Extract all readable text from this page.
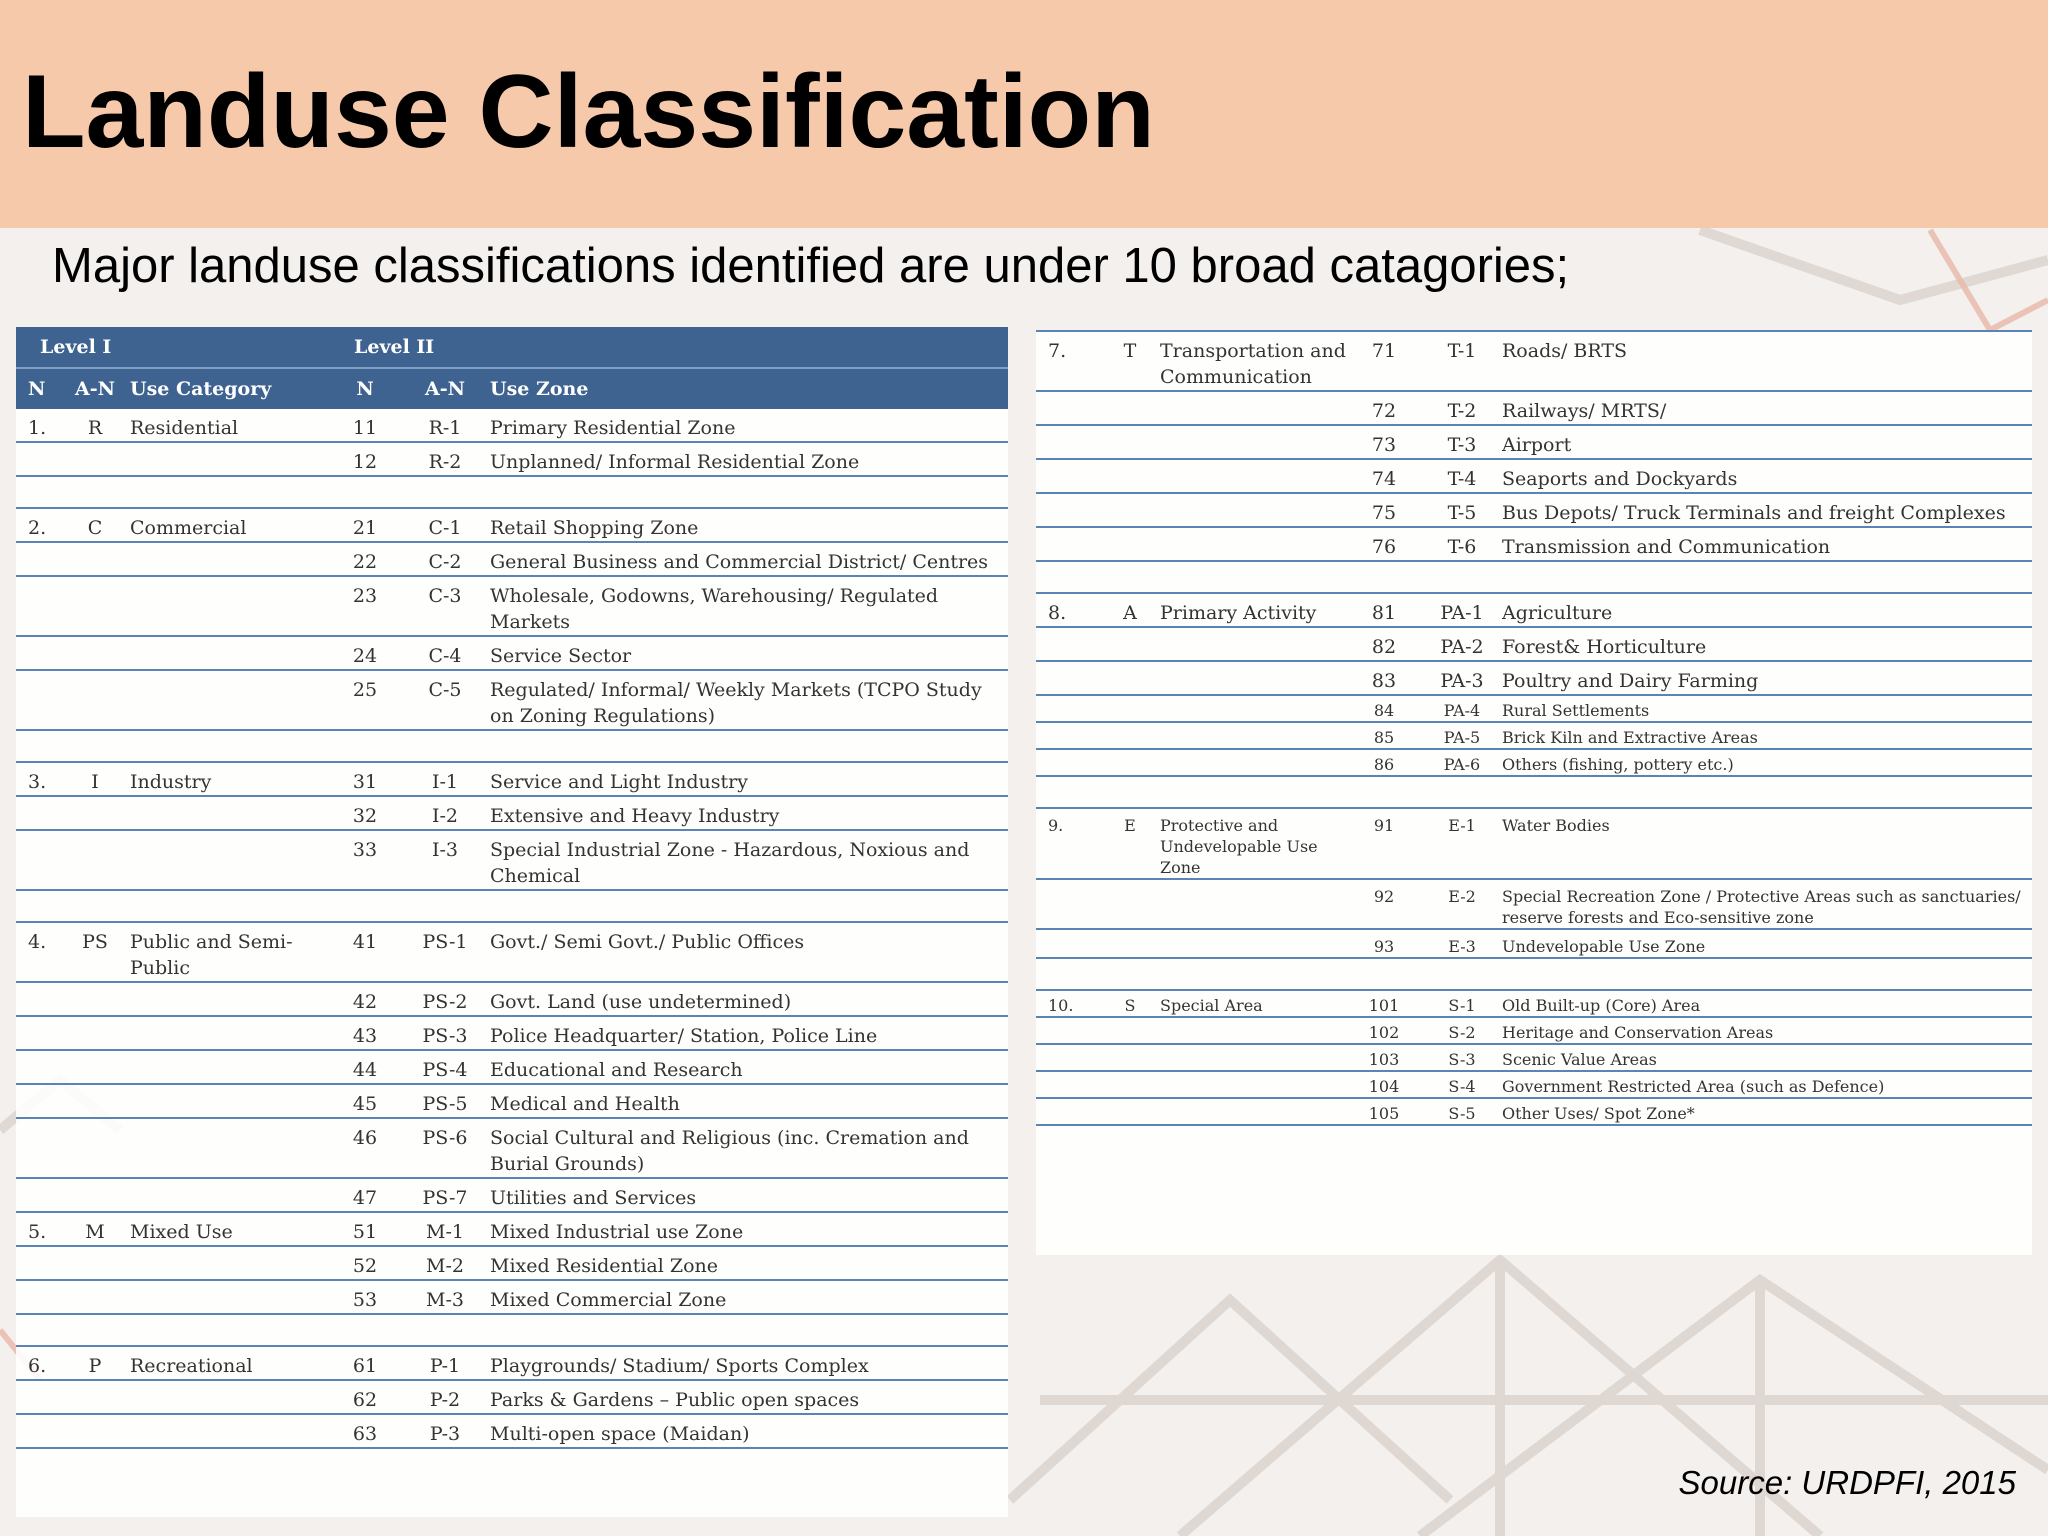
Landuse Classification

Major landuse classifications identified are under 10 broad catagories;

Level I			Level II		
N	A-N	Use Category	N	A-N	Use Zone
1.	R	Residential	11	R-1	Primary Residential Zone
			12	R-2	Unplanned/ Informal Residential Zone

2.	C	Commercial	21	C-1	Retail Shopping Zone
			22	C-2	General Business and Commercial District/ Centres
			23	C-3	Wholesale, Godowns, Warehousing/ Regulated Markets
			24	C-4	Service Sector
			25	C-5	Regulated/ Informal/ Weekly Markets (TCPO Study on Zoning Regulations)

3.	I	Industry	31	I-1	Service and Light Industry
			32	I-2	Extensive and Heavy Industry
			33	I-3	Special Industrial Zone - Hazardous, Noxious and Chemical

4.	PS	Public and Semi-Public	41	PS-1	Govt./ Semi Govt./ Public Offices
			42	PS-2	Govt. Land (use undetermined)
			43	PS-3	Police Headquarter/ Station, Police Line
			44	PS-4	Educational and Research
			45	PS-5	Medical and Health
			46	PS-6	Social Cultural and Religious (inc. Cremation and Burial Grounds)
			47	PS-7	Utilities and Services
5.	M	Mixed Use	51	M-1	Mixed Industrial use Zone
			52	M-2	Mixed Residential Zone
			53	M-3	Mixed Commercial Zone

6.	P	Recreational	61	P-1	Playgrounds/ Stadium/ Sports Complex
			62	P-2	Parks & Gardens – Public open spaces
			63	P-3	Multi-open space (Maidan)
7.	T	Transportation and Communication	71	T-1	Roads/ BRTS
			72	T-2	Railways/ MRTS/
			73	T-3	Airport
			74	T-4	Seaports and Dockyards
			75	T-5	Bus Depots/ Truck Terminals and freight Complexes
			76	T-6	Transmission and Communication

8.	A	Primary Activity	81	PA-1	Agriculture
			82	PA-2	Forest& Horticulture
			83	PA-3	Poultry and Dairy Farming
			84	PA-4	Rural Settlements
			85	PA-5	Brick Kiln and Extractive Areas
			86	PA-6	Others (fishing, pottery etc.)

9.	E	Protective and Undevelopable Use Zone	91	E-1	Water Bodies
			92	E-2	Special Recreation Zone / Protective Areas such as sanctuaries/ reserve forests and Eco-sensitive zone
			93	E-3	Undevelopable Use Zone

10.	S	Special Area	101	S-1	Old Built-up (Core) Area
			102	S-2	Heritage and Conservation Areas
			103	S-3	Scenic Value Areas
			104	S-4	Government Restricted Area (such as Defence)
			105	S-5	Other Uses/ Spot Zone*

Source: URDPFI, 2015
